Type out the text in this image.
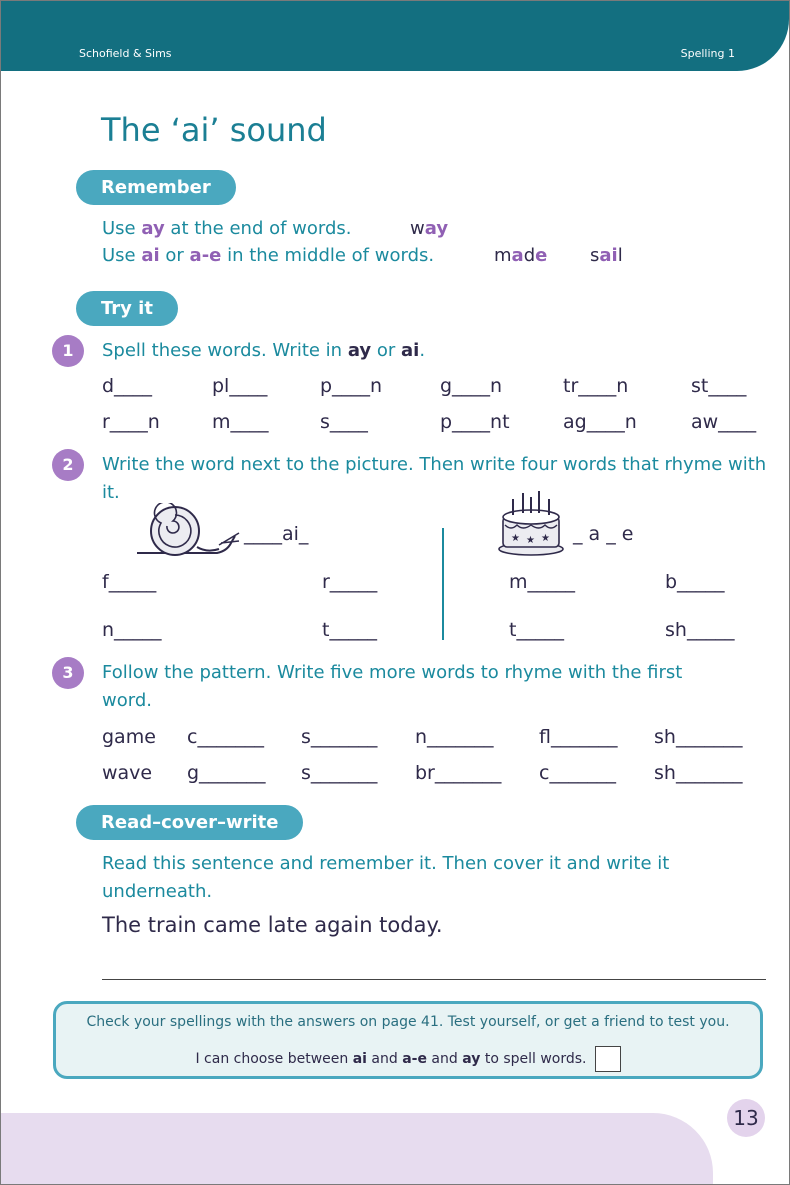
Schofield & Sims	Spelling 1
The ‘ai’ sound
Remember
Use ay at the end of words.	way
Use ai or a-e in the middle of words.	made sail
Try it
1	Spell these words. Write in ay or ai.
d____	pl____	p____n	g____n	tr____n	st____
r____n	m____	s____	p____nt	ag____n	aw____
2	Write the word next to the picture. Then write four words that rhyme with it.
____ai_	★ ★ ★ _ a _ e
f_____	r_____
n_____	t_____
m_____	b_____
t_____	sh_____
3	Follow the pattern. Write five more words to rhyme with the first word.
game c_______ s_______ n_______ fl_______ sh_______
wave g_______ s_______ br_______ c_______ sh_______
Read–cover–write
Read this sentence and remember it. Then cover it and write it underneath.
The train came late again today.
Check your spellings with the answers on page 41. Test yourself, or get a friend to test you.
I can choose between ai and a-e and ay to spell words.
13
